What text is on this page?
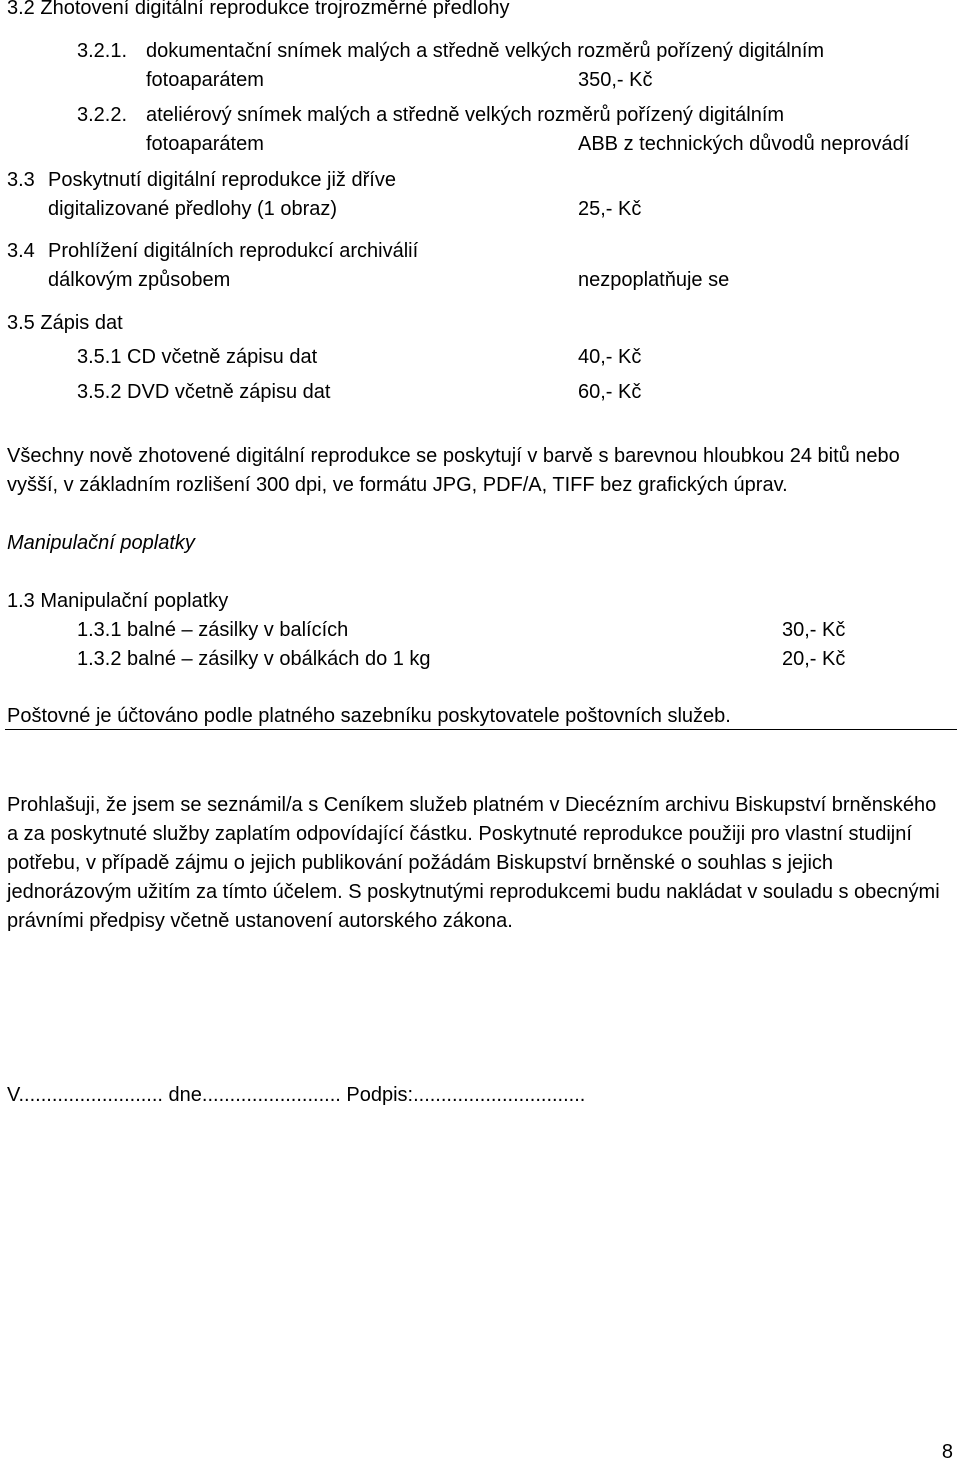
3.2 Zhotovení digitální reprodukce trojrozměrné předlohy
3.2.1. dokumentační snímek malých a středně velkých rozměrů pořízený digitálním
fotoaparátem	350,- Kč
3.2.2. ateliérový snímek malých a středně velkých rozměrů pořízený digitálním
fotoaparátem	ABB z technických důvodů neprovádí
3.3 Poskytnutí digitální reprodukce již dříve
digitalizované předlohy (1 obraz)	25,- Kč
3.4 Prohlížení digitálních reprodukcí archiválií
dálkovým způsobem	nezpoplatňuje se
3.5 Zápis dat
3.5.1 CD včetně zápisu dat	40,- Kč
3.5.2 DVD včetně zápisu dat	60,- Kč
Všechny nově zhotovené digitální reprodukce se poskytují v barvě s barevnou hloubkou 24 bitů nebo vyšší, v základním rozlišení 300 dpi, ve formátu JPG, PDF/A, TIFF bez grafických úprav.
Manipulační poplatky
1.3 Manipulační poplatky
1.3.1 balné – zásilky v balících	30,- Kč
1.3.2 balné – zásilky v obálkách do 1 kg	20,- Kč
Poštovné je účtováno podle platného sazebníku poskytovatele poštovních služeb.
Prohlašuji, že jsem se seznámil/a s Ceníkem služeb platném v Diecézním archivu Biskupství brněnského a za poskytnuté služby zaplatím odpovídající částku. Poskytnuté reprodukce použiji pro vlastní studijní potřebu, v případě zájmu o jejich publikování požádám Biskupství brněnské o souhlas s jejich jednorázovým užitím za tímto účelem. S poskytnutými reprodukcemi budu nakládat v souladu s obecnými právními předpisy včetně ustanovení autorského zákona.
V.......................... dne......................... Podpis:...............................
8
